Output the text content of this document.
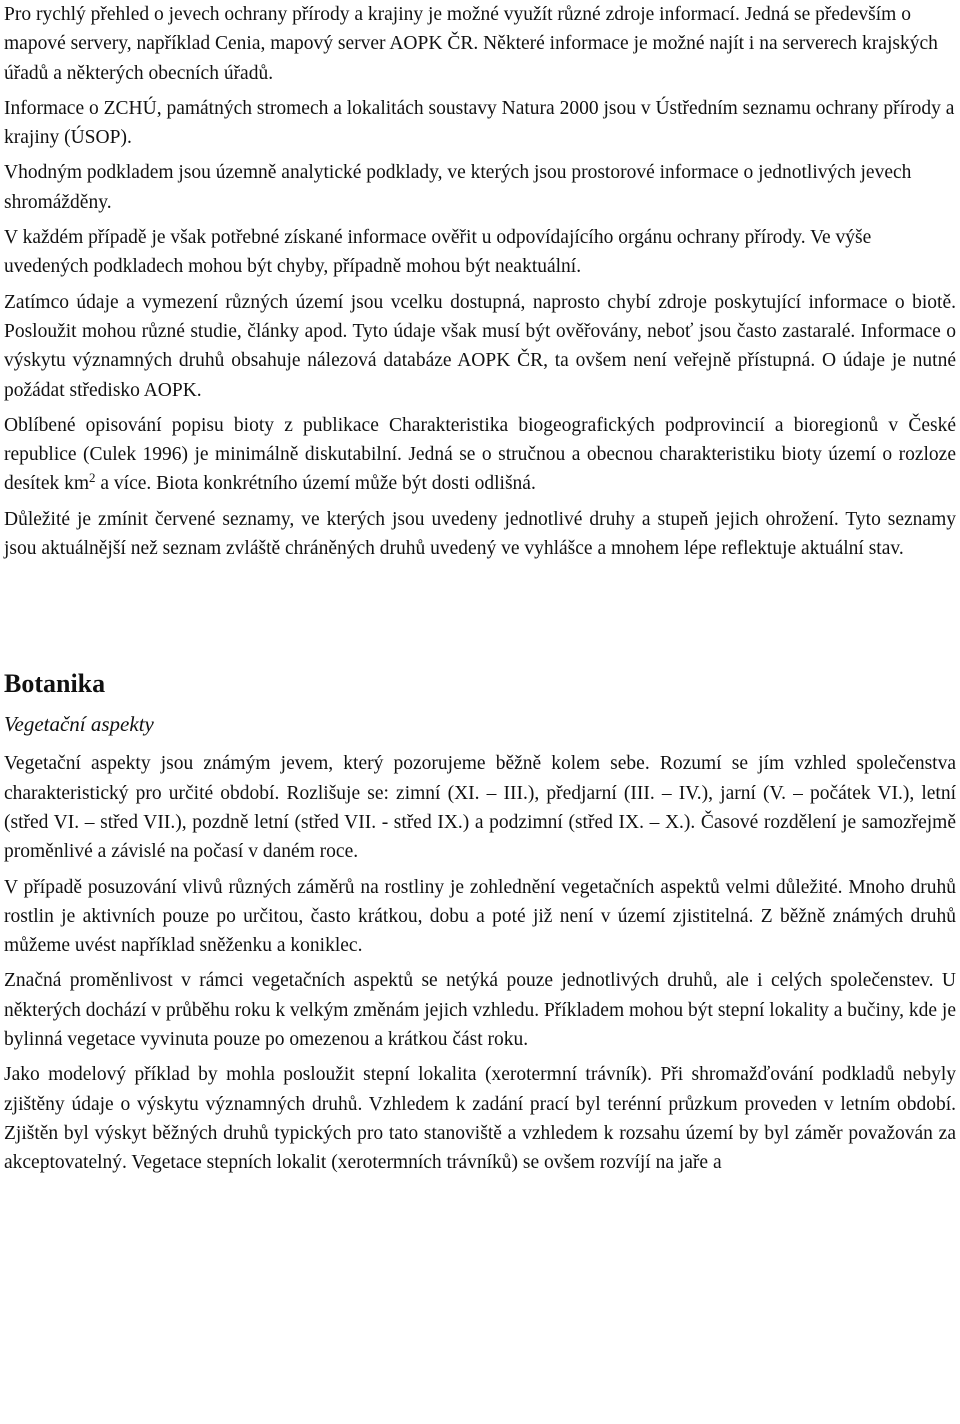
Pro rychlý přehled o jevech ochrany přírody a krajiny je možné využít různé zdroje informací. Jedná se především o mapové servery, například Cenia, mapový server AOPK ČR. Některé informace je možné najít i na serverech krajských úřadů a některých obecních úřadů.

Informace o ZCHÚ, památných stromech a lokalitách soustavy Natura 2000 jsou v Ústředním seznamu ochrany přírody a krajiny (ÚSOP).

Vhodným podkladem jsou územně analytické podklady, ve kterých jsou prostorové informace o jednotlivých jevech shromážděny.

V každém případě je však potřebné získané informace ověřit u odpovídajícího orgánu ochrany přírody. Ve výše uvedených podkladech mohou být chyby, případně mohou být neaktuální.

Zatímco údaje a vymezení různých území jsou vcelku dostupná, naprosto chybí zdroje poskytující informace o biotě. Posloužit mohou různé studie, články apod. Tyto údaje však musí být ověřovány, neboť jsou často zastaralé. Informace o výskytu významných druhů obsahuje nálezová databáze AOPK ČR, ta ovšem není veřejně přístupná. O údaje je nutné požádat středisko AOPK.

Oblíbené opisování popisu bioty z publikace Charakteristika biogeografických podprovincií a bioregionů v České republice (Culek 1996) je minimálně diskutabilní. Jedná se o stručnou a obecnou charakteristiku bioty území o rozloze desítek $km^2$ a více. Biota konkrétního území může být dosti odlišná.

Důležité je zmínit červené seznamy, ve kterých jsou uvedeny jednotlivé druhy a stupeň jejich ohrožení. Tyto seznamy jsou aktuálnější než seznam zvláště chráněných druhů uvedený ve vyhlášce a mnohem lépe reflektuje aktuální stav.

Botanika
Vegetační aspekty

Vegetační aspekty jsou známým jevem, který pozorujeme běžně kolem sebe. Rozumí se jím vzhled společenstva charakteristický pro určité období. Rozlišuje se: zimní (XI. – III.), předjarní (III. – IV.), jarní (V. – počátek VI.), letní (střed VI. – střed VII.), pozdně letní (střed VII. - střed IX.) a podzimní (střed IX. – X.). Časové rozdělení je samozřejmě proměnlivé a závislé na počasí v daném roce.

V případě posuzování vlivů různých záměrů na rostliny je zohlednění vegetačních aspektů velmi důležité. Mnoho druhů rostlin je aktivních pouze po určitou, často krátkou, dobu a poté již není v území zjistitelná. Z běžně známých druhů můžeme uvést například sněženku a koniklec.

Značná proměnlivost v rámci vegetačních aspektů se netýká pouze jednotlivých druhů, ale i celých společenstev. U některých dochází v průběhu roku k velkým změnám jejich vzhledu. Příkladem mohou být stepní lokality a bučiny, kde je bylinná vegetace vyvinuta pouze po omezenou a krátkou část roku.

Jako modelový příklad by mohla posloužit stepní lokalita (xerotermní trávník). Při shromažďování podkladů nebyly zjištěny údaje o výskytu významných druhů. Vzhledem k zadání prací byl terénní průzkum proveden v letním období. Zjištěn byl výskyt běžných druhů typických pro tato stanoviště a vzhledem k rozsahu území by byl záměr považován za akceptovatelný. Vegetace stepních lokalit (xerotermních trávníků) se ovšem rozvíjí na jaře a
